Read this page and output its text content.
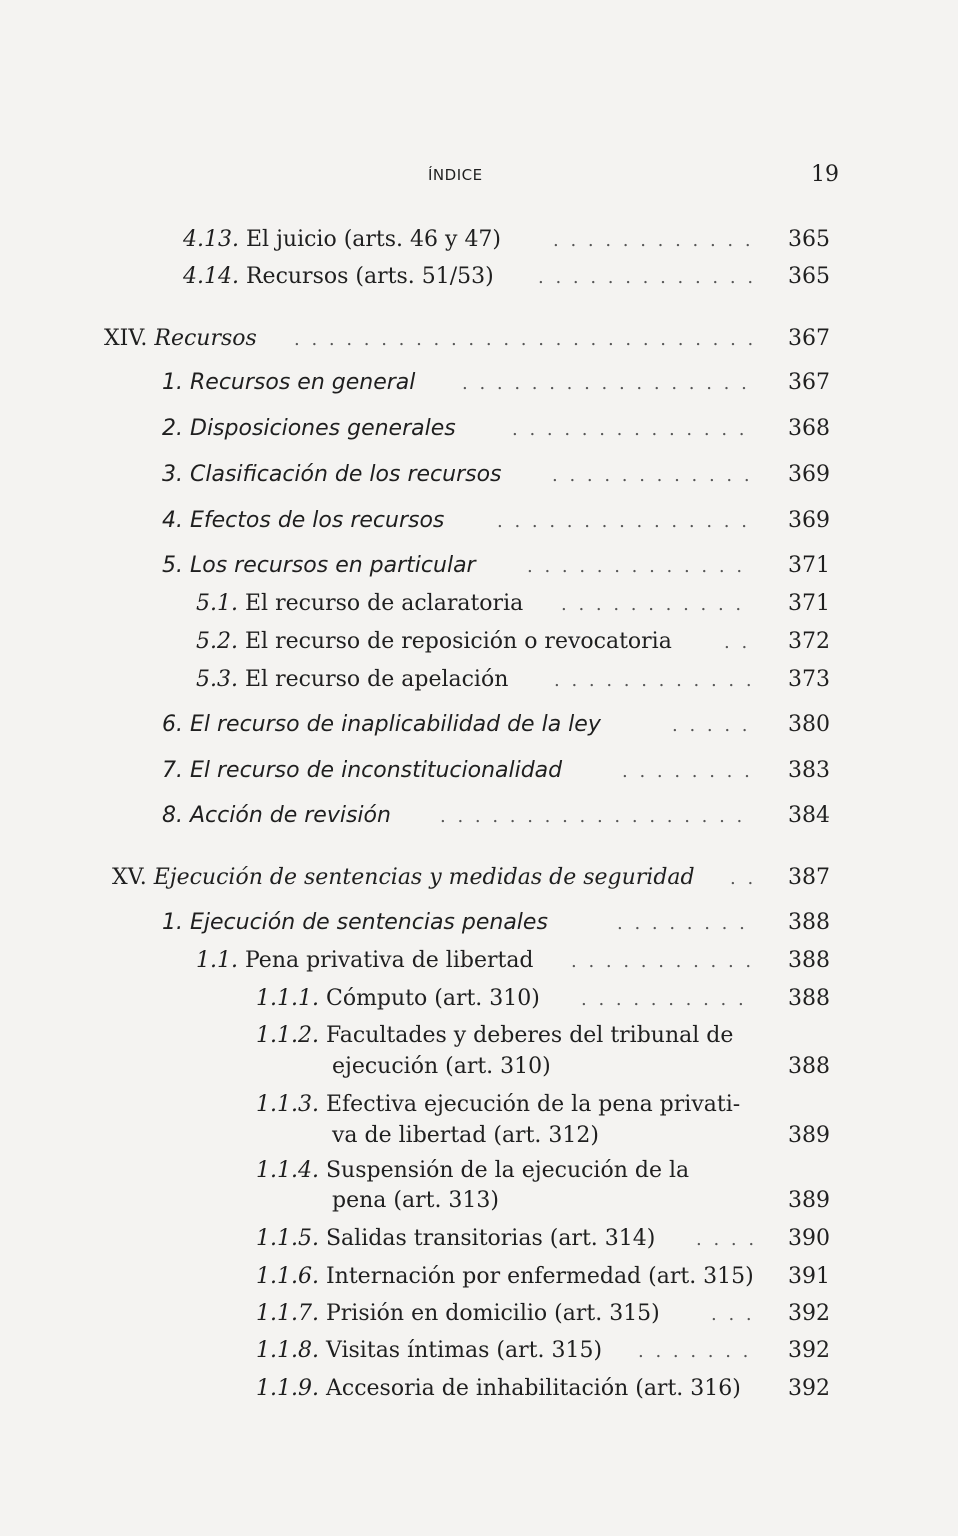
ÍNDICE	19
4.13. El juicio (arts. 46 y 47) . . .	365
4.14. Recursos (arts. 51/53) . . .	365
XIV. Recursos . . .	367
1. Recursos en general . . .	367
2. Disposiciones generales . . .	368
3. Clasificación de los recursos . . .	369
4. Efectos de los recursos . . .	369
5. Los recursos en particular . . .	371
5.1. El recurso de aclaratoria . . .	371
5.2. El recurso de reposición o revocatoria . . .	372
5.3. El recurso de apelación . . .	373
6. El recurso de inaplicabilidad de la ley . . .	380
7. El recurso de inconstitucionalidad . . .	383
8. Acción de revisión . . .	384
XV. Ejecución de sentencias y medidas de seguridad . . .	387
1. Ejecución de sentencias penales . . .	388
1.1. Pena privativa de libertad . . .	388
1.1.1. Cómputo (art. 310) . . .	388
1.1.2. Facultades y deberes del tribunal de
ejecución (art. 310)	388
1.1.3. Efectiva ejecución de la pena privati-
va de libertad (art. 312)	389
1.1.4. Suspensión de la ejecución de la
pena (art. 313)	389
1.1.5. Salidas transitorias (art. 314) . . .	390
1.1.6. Internación por enfermedad (art. 315) 391
1.1.7. Prisión en domicilio (art. 315) . . .	392
1.1.8. Visitas íntimas (art. 315) . . .	392
1.1.9. Accesoria de inhabilitación (art. 316) 392
